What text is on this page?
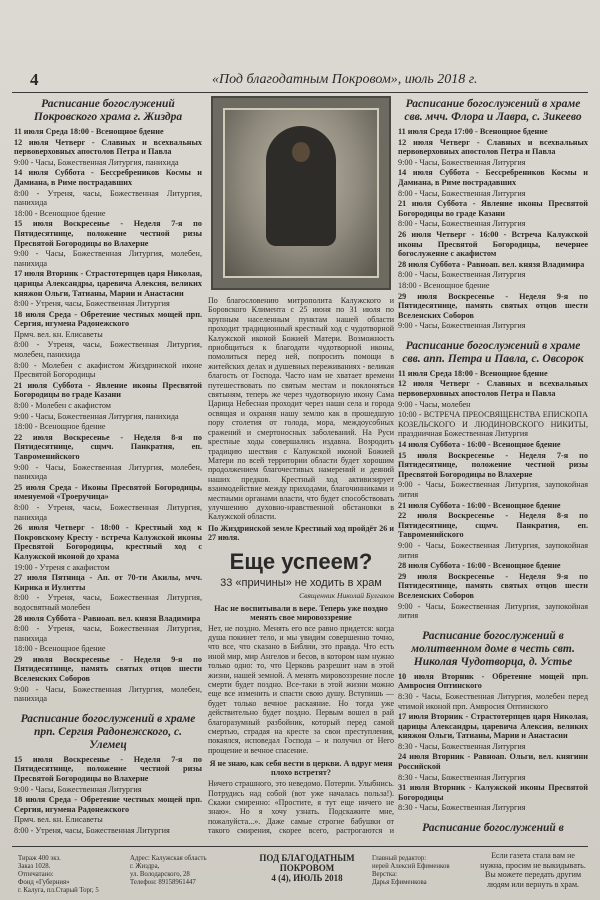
4	«Под благодатным Покровом», июль 2018 г.
Расписание богослужений Покровского храма г. Жиздра
11 июля Среда 18:00 - Всенощное бдение
12 июля Четверг - Славных и всехвальных первоверховных апостолов Петра и Павла
9:00 - Часы, Божественная Литургия, панихида
14 июля Суббота - Бессребреников Космы и Дамиана, в Риме пострадавших
8:00 - Утреня, часы, Божественная Литургия, панихида
18:00 - Всенощное бдение
15 июля Воскресенье - Неделя 7-я по Пятидесятнице, положение честной ризы Пресвятой Богородицы во Влахерне
9:00 - Часы, Божественная Литургия, молебен, панихида
17 июля Вторник - Страстотерпцев царя Николая, царицы Александры, царевича Алексия, великих княжон Ольги, Татианы, Марии и Анастасии
8:00 - Утреня, часы, Божественная Литургия
18 июля Среда - Обретение честных мощей прп. Сергия, игумена Радонежского
Прмч. вел. кн. Елисаветы
8:00 - Утреня, часы, Божественная Литургия, молебен, панихида
8:00 - Молебен с акафистом Жиздринской иконе Пресвятой Богородицы
21 июля Суббота - Явление иконы Пресвятой Богородицы во граде Казани
8:00 - Молебен с акафистом
9:00 - Часы, Божественная Литургия, панихида
18:00 - Всенощное бдение
22 июля Воскресенье - Неделя 8-я по Пятидесятнице, сщмч. Панкратия, еп. Тавроменийского
9:00 - Часы, Божественная Литургия, молебен, панихида
25 июля Среда - Иконы Пресвятой Богородицы, именуемой «Троеручица»
8:00 - Утреня, часы, Божественная Литургия, панихида
26 июля Четверг - 18:00 - Крестный ход к Покровскому Кресту - встреча Калужской иконы Пресвятой Богородицы, крестный ход с Калужской иконой до храма
19:00 - Утреня с акафистом
27 июля Пятница - Ап. от 70-ти Акилы, мчч. Кирика и Иулитты
8:00 - Утреня, часы, Божественная Литургия, водосвятный молебен
28 июля Суббота - Равноап. вел. князя Владимира
8:00 - Утреня, часы, Божественная Литургия, панихида
18:00 - Всенощное бдение
29 июля Воскресенье - Неделя 9-я по Пятидесятнице, память святых отцов шести Вселенских Соборов
9:00 - Часы, Божественная Литургия, молебен, панихида
Расписание богослужений в храме прп. Сергия Радонежского, с. Улемец
15 июля Воскресенье - Неделя 7-я по Пятидесятнице, положение честной ризы Пресвятой Богородицы во Влахерне
9:00 - Часы, Божественная Литургия
18 июля Среда - Обретение честных мощей прп. Сергия, игумена Радонежского
Прмч. вел. кн. Елисаветы
8:00 - Утреня, часы, Божественная Литургия
По благословению митрополита Калужского и Боровского Климента с 25 июня по 31 июля по крупным населенным пунктам нашей области проходит традиционный крестный ход с чудотворной Калужской иконой Божией Матери. Возможность приобщиться к благодати чудотворной иконы, помолиться перед ней, попросить помощи в житейских делах и душевных переживаниях - великая благость от Господа. Часто нам не хватает времени путешествовать по святым местам и поклоняться святыням, теперь же через чудотворную икону Сама Царица Небесная проходит через наши села и города освящая и охраняя нашу землю как в прошедшую пору столетия от голода, мора, междоусобных сражений и смертоносных заболеваний. На Руси крестные ходы совершались издавна. Возродить традицию шествия с Калужской иконой Божией Матери по всей территории области будет хорошим продолжением благочестивых намерений и деяний наших предков. Крестный ход активизирует взаимодействие между приходами, благочинниками и местными органами власти, что будет способствовать улучшению духовно-нравственной обстановки в Калужской области.
По Жиздринской земле Крестный ход пройдёт 26 и 27 июля.
Еще успеем?
33 «причины» не ходить в храм
Священник Николай Булгаков
Нас не воспитывали в вере. Теперь уже поздно менять свое мировоззрение
Нет, не поздно. Менять его все равно придется: когда душа покинет тело, и мы увидим совершенно точно, что все, что сказано в Библии, это правда. Что есть иной мир, мир Ангелов и бесов, в котором нам нужно только одно: то, что Церковь разрешит нам в этой жизни, нашей земной. А менять мировоззрение после смерти будет поздно. Все-таки в этой жизни можно еще все изменить и спасти свою душу. Вступишь — будет только вечное раскаяние. Но тогда уже действительно будет поздно. Первым вошел в рай благоразумный разбойник, который перед самой смертью, страдая на кресте за свои преступления, покаялся, исповедал Господа – и получил от Него прощение и вечное спасение.
Я не знаю, как себя вести в церкви. А вдруг меня плохо встретят?
Ничего страшного, это неведомо. Потерпи. Улыбнись. Потрудись над собой (вот уже началась польза!). Скажи смиренно: «Простите, я тут еще ничего не знаю». Но я хочу узнать. Подскажите мне, пожалуйста...». Даже самые строгие бабушки от такого смирения, скорее всего, растрогаются и
Расписание богослужений в храме свв. мчч. Флора и Лавра, с. Зикеево
11 июля Среда 17:00 - Всенощное бдение
12 июля Четверг - Славных и всехвальных первоверховных апостолов Петра и Павла
9:00 - Часы, Божественная Литургия
14 июля Суббота - Бессребреников Космы и Дамиана, в Риме пострадавших
8:00 - Часы, Божественная Литургия
21 июля Суббота - Явление иконы Пресвятой Богородицы во граде Казани
8:00 - Часы, Божественная Литургия
26 июля Четверг - 16:00 - Встреча Калужской иконы Пресвятой Богородицы, вечернее богослужение с акафистом
28 июля Суббота - Равноап. вел. князя Владимира
8:00 - Часы, Божественная Литургия
18:00 - Всенощное бдение
29 июля Воскресенье - Неделя 9-я по Пятидесятнице, память святых отцов шести Вселенских Соборов
9:00 - Часы, Божественная Литургия
Расписание богослужений в храме свв. апп. Петра и Павла, с. Овсорок
11 июля Среда 18:00 - Всенощное бдение
12 июля Четверг - Славных и всехвальных первоверховных апостолов Петра и Павла
9:00 - Часы, молебен
10:00 - ВСТРЕЧА ПРЕОСВЯЩЕНСТВА ЕПИСКОПА КОЗЕЛЬСКОГО И ЛЮДИНОВСКОГО НИКИТЫ, праздничная Божественная Литургия
14 июля Суббота - 16:00 - Всенощное бдение
15 июля Воскресенье - Неделя 7-я по Пятидесятнице, положение честной ризы Пресвятой Богородицы во Влахерне
9:00 - Часы, Божественная Литургия, заупокойная лития
21 июля Суббота - 16:00 - Всенощное бдение
22 июля Воскресенье - Неделя 8-я по Пятидесятнице, сщмч. Панкратия, еп. Тавроменийского
9:00 - Часы, Божественная Литургия, заупокойная лития
28 июля Суббота - 16:00 - Всенощное бдение
29 июля Воскресенье - Неделя 9-я по Пятидесятнице, память святых отцов шести Вселенских Соборов
9:00 - Часы, Божественная Литургия, заупокойная лития
Расписание богослужений в молитвенном доме в честь свт. Николая Чудотворца, д. Устье
10 июля Вторник - Обретение мощей прп. Амвросия Оптинского
8:30 - Часы, Божественная Литургия, молебен перед чтимой иконой прп. Амвросия Оптинского
17 июля Вторник - Страстотерпцев царя Николая, царицы Александры, царевича Алексия, великих княжон Ольги, Татианы, Марии и Анастасии
8:30 - Часы, Божественная Литургия
24 июля Вторник - Равноап. Ольги, вел. княгини Российской
8:30 - Часы, Божественная Литургия
31 июля Вторник - Калужской иконы Пресвятой Богородицы
8:30 - Часы, Божественная Литургия
Расписание богослужений в
Тираж 400 экз.
Заказ 1028.
Отпечатано:
Фонд «Губерния»
г. Калуга, пл.Старый Торг, 5
Адрес: Калужская область
г. Жиздра,
ул. Володарского, 28
Телефон: 89158961447
ПОД БЛАГОДАТНЫМ ПОКРОВОМ
4 (4), ИЮЛЬ 2018
Главный редактор:
иерей Алексий Ефименков
Верстка:
Дарья Ефименкова
Если газета стала вам не нужна, просим не выкидывать. Вы можете передать другим людям или вернуть в храм.
